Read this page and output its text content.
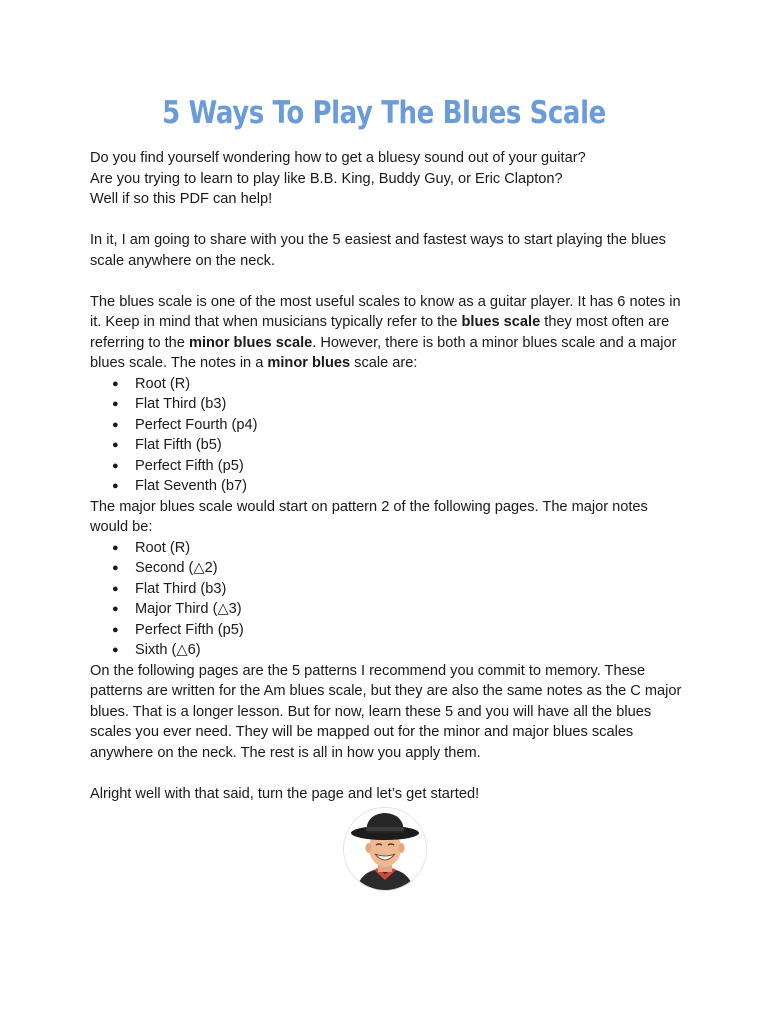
5 Ways To Play The Blues Scale

Do you find yourself wondering how to get a bluesy sound out of your guitar?

Are you trying to learn to play like B.B. King, Buddy Guy, or Eric Clapton?

Well if so this PDF can help!

In it, I am going to share with you the 5 easiest and fastest ways to start playing the blues scale anywhere on the neck.

The blues scale is one of the most useful scales to know as a guitar player. It has 6 notes in it. Keep in mind that when musicians typically refer to the blues scale they most often are referring to the minor blues scale. However, there is both a minor blues scale and a major blues scale. The notes in a minor blues scale are:

● Root (R)
● Flat Third (b3)
● Perfect Fourth (p4)
● Flat Fifth (b5)
● Perfect Fifth (p5)
● Flat Seventh (b7)

The major blues scale would start on pattern 2 of the following pages. The major notes would be:

● Root (R)
● Second (△2)
● Flat Third (b3)
● Major Third (△3)
● Perfect Fifth (p5)
● Sixth (△6)

On the following pages are the 5 patterns I recommend you commit to memory. These patterns are written for the Am blues scale, but they are also the same notes as the C major blues. That is a longer lesson. But for now, learn these 5 and you will have all the blues scales you ever need. They will be mapped out for the minor and major blues scales anywhere on the neck. The rest is all in how you apply them.

Alright well with that said, turn the page and let’s get started!
